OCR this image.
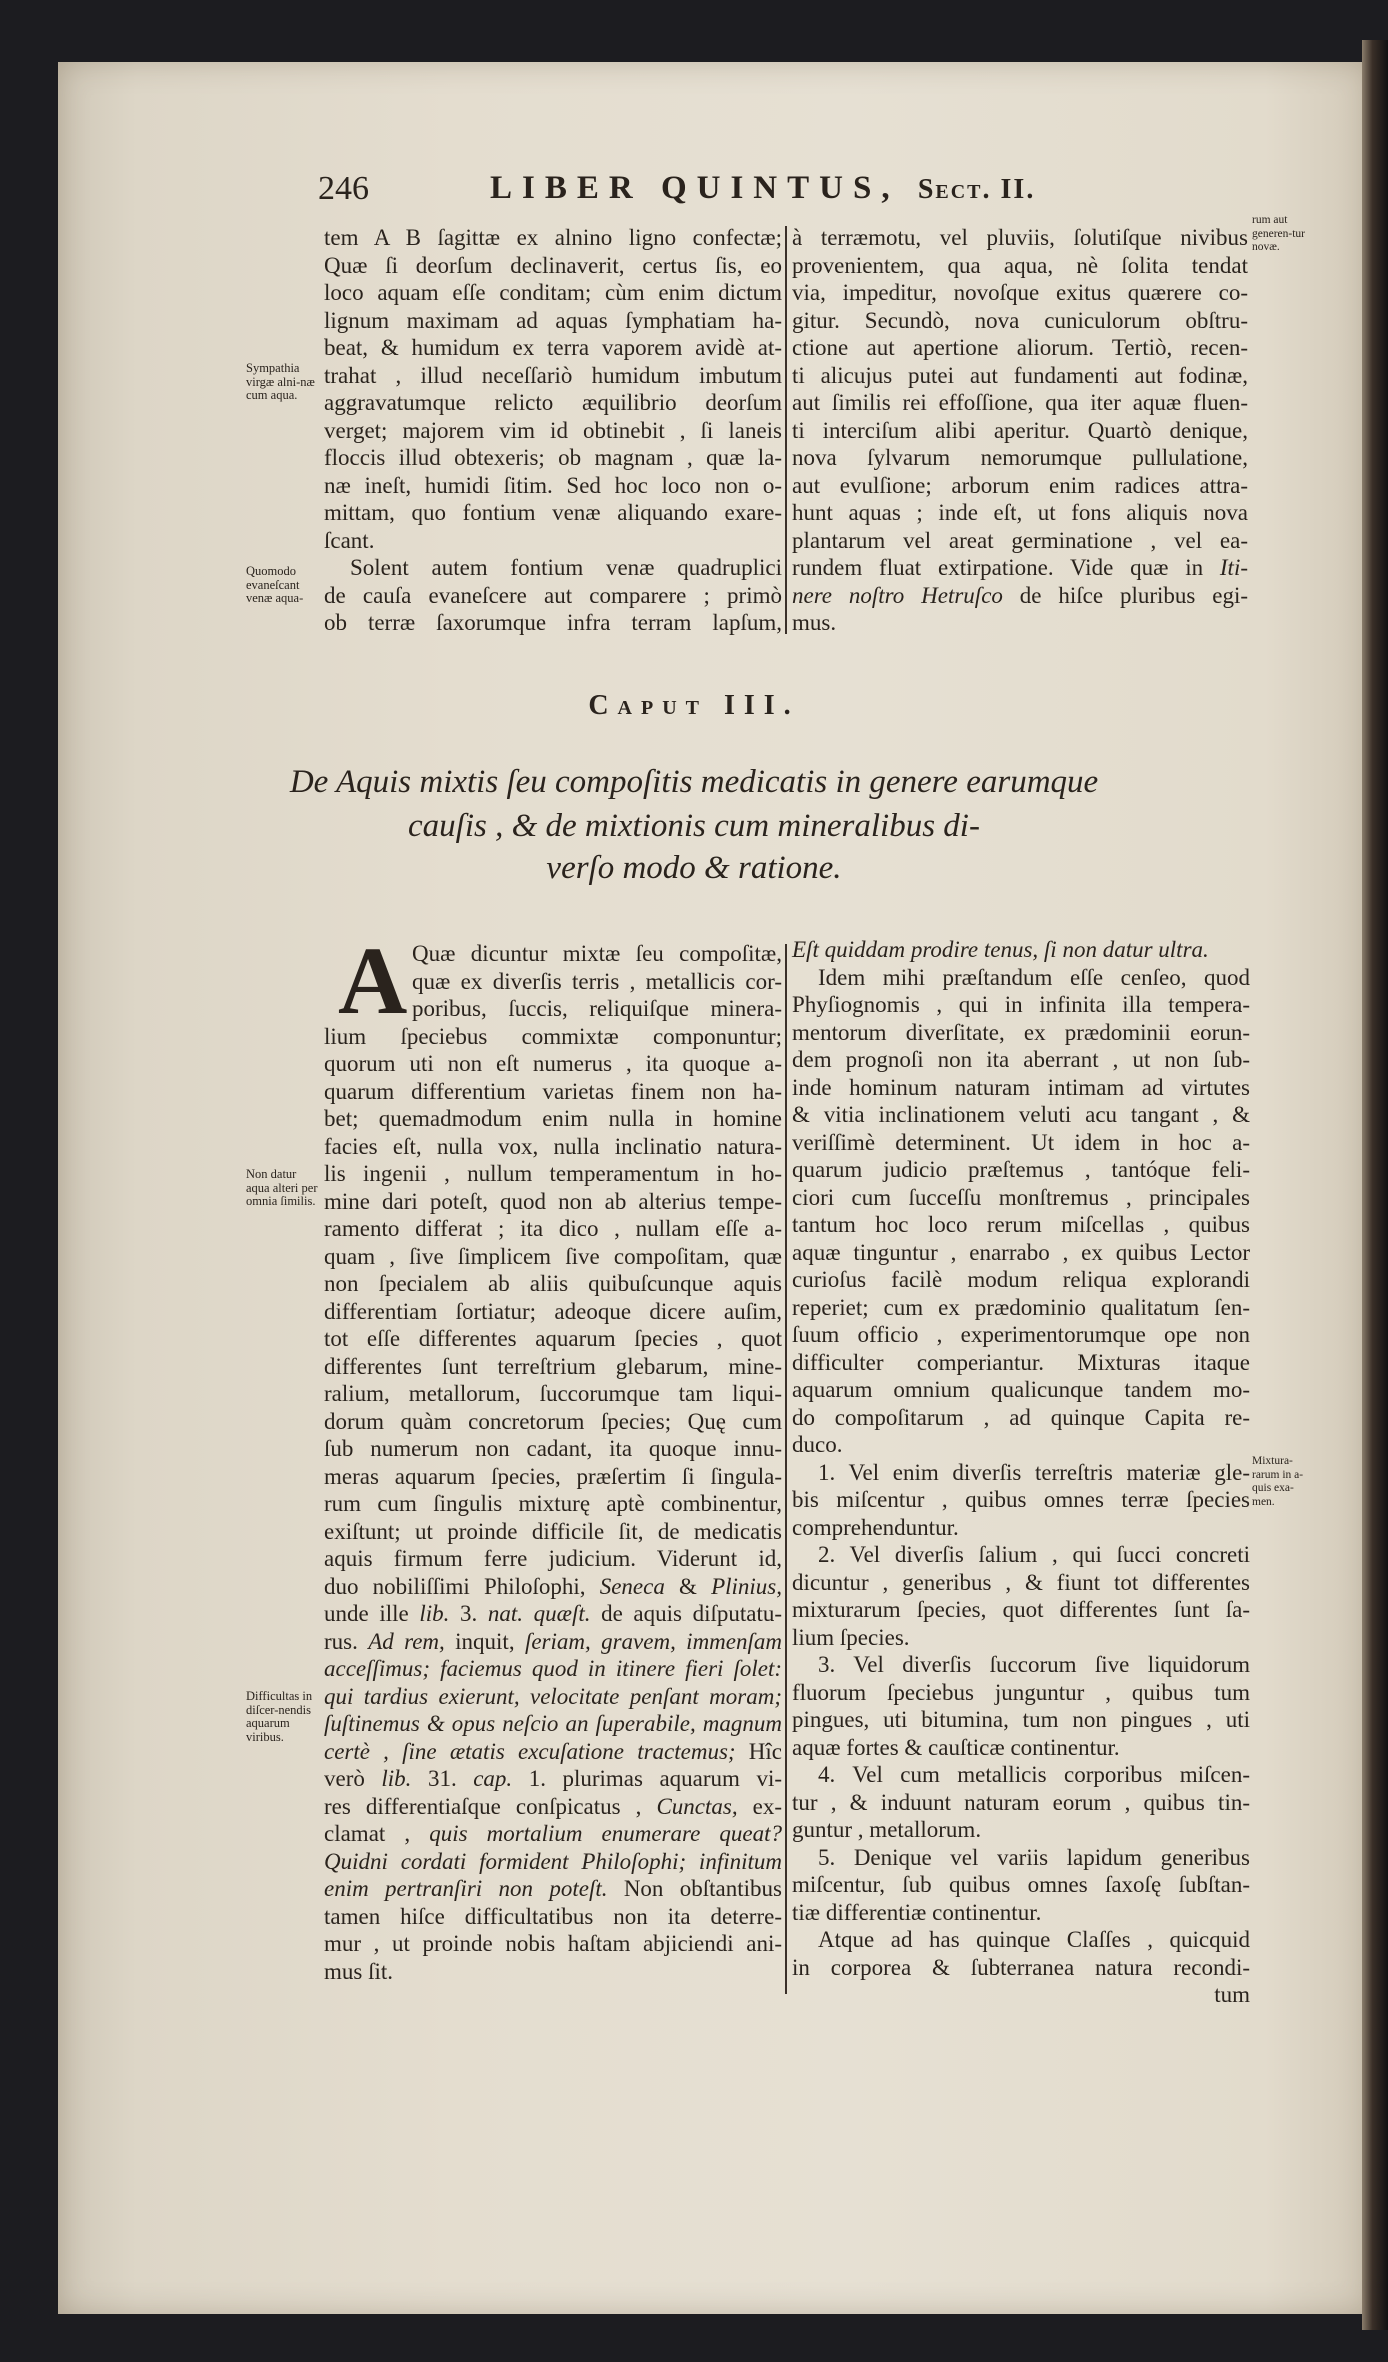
246	LIBER QUINTUS, Sect. II.
tem A B ſagittæ ex alnino ligno confectæ;
Quæ ſi deorſum declinaverit, certus ſis, eo
loco aquam eſſe conditam; cùm enim dictum
lignum maximam ad aquas ſymphatiam ha-
beat, & humidum ex terra vaporem avidè at-
trahat , illud neceſſariò humidum imbutum
aggravatumque relicto æquilibrio deorſum
verget; majorem vim id obtinebit , ſi laneis
floccis illud obtexeris; ob magnam , quæ la-
næ ineſt, humidi ſitim. Sed hoc loco non o-
mittam, quo fontium venæ aliquando exare-
ſcant.
Solent autem fontium venæ quadruplici
de cauſa evaneſcere aut comparere ; primò
ob terræ ſaxorumque infra terram lapſum,
à terræmotu, vel pluviis, ſolutiſque nivibus
provenientem, qua aqua, nè ſolita tendat
via, impeditur, novoſque exitus quærere co-
gitur. Secundò, nova cuniculorum obſtru-
ctione aut apertione aliorum. Tertiò, recen-
ti alicujus putei aut fundamenti aut fodinæ,
aut ſimilis rei effoſſione, qua iter aquæ fluen-
ti interciſum alibi aperitur. Quartò denique,
nova ſylvarum nemorumque pullulatione,
aut evulſione; arborum enim radices attra-
hunt aquas ; inde eſt, ut fons aliquis nova
plantarum vel areat germinatione , vel ea-
rundem fluat extirpatione. Vide quæ in Iti-
nere noſtro Hetruſco de hiſce pluribus egi-
mus.
Sympathia virgæ alni-næ cum aqua.
Quomodo evaneſcant venæ aqua-
rum aut generen-tur novæ.
Caput III.
De Aquis mixtis ſeu compoſitis medicatis in genere earumque
cauſis , & de mixtionis cum mineralibus di-
verſo modo & ratione.
A Quæ dicuntur mixtæ ſeu compoſitæ,
quæ ex diverſis terris , metallicis cor-
poribus, ſuccis, reliquiſque minera-
lium ſpeciebus commixtæ componuntur;
quorum uti non eſt numerus , ita quoque a-
quarum differentium varietas finem non ha-
bet; quemadmodum enim nulla in homine
facies eſt, nulla vox, nulla inclinatio natura-
lis ingenii , nullum temperamentum in ho-
mine dari poteſt, quod non ab alterius tempe-
ramento differat ; ita dico , nullam eſſe a-
quam , ſive ſimplicem ſive compoſitam, quæ
non ſpecialem ab aliis quibuſcunque aquis
differentiam ſortiatur; adeoque dicere auſim,
tot eſſe differentes aquarum ſpecies , quot
differentes ſunt terreſtrium glebarum, mine-
ralium, metallorum, ſuccorumque tam liqui-
dorum quàm concretorum ſpecies; Quę cum
ſub numerum non cadant, ita quoque innu-
meras aquarum ſpecies, præſertim ſi ſingula-
rum cum ſingulis mixturę aptè combinentur,
exiſtunt; ut proinde difficile ſit, de medicatis
aquis firmum ferre judicium. Viderunt id,
duo nobiliſſimi Philoſophi, Seneca & Plinius,
unde ille lib. 3. nat. quæſt. de aquis diſputatu-
rus. Ad rem, inquit, ſeriam, gravem, immenſam
acceſſimus; faciemus quod in itinere fieri ſolet:
qui tardius exierunt, velocitate penſant moram;
ſuſtinemus & opus neſcio an ſuperabile, magnum
certè , ſine ætatis excuſatione tractemus; Hîc
verò lib. 31. cap. 1. plurimas aquarum vi-
res differentiaſque conſpicatus , Cunctas, ex-
clamat , quis mortalium enumerare queat?
Quidni cordati formident Philoſophi; infinitum
enim pertranſiri non poteſt. Non obſtantibus
tamen hiſce difficultatibus non ita deterre-
mur , ut proinde nobis haſtam abjiciendi ani-
mus ſit.
Eſt quiddam prodire tenus, ſi non datur ultra.
Idem mihi præſtandum eſſe cenſeo, quod
Phyſiognomis , qui in infinita illa tempera-
mentorum diverſitate, ex prædominii eorun-
dem prognoſi non ita aberrant , ut non ſub-
inde hominum naturam intimam ad virtutes
& vitia inclinationem veluti acu tangant , &
veriſſimè determinent. Ut idem in hoc a-
quarum judicio præſtemus , tantóque feli-
ciori cum ſucceſſu monſtremus , principales
tantum hoc loco rerum miſcellas , quibus
aquæ tinguntur , enarrabo , ex quibus Lector
curioſus facilè modum reliqua explorandi
reperiet; cum ex prædominio qualitatum ſen-
ſuum officio , experimentorumque ope non
difficulter comperiantur. Mixturas itaque
aquarum omnium qualicunque tandem mo-
do compoſitarum , ad quinque Capita re-
duco.
1. Vel enim diverſis terreſtris materiæ gle-
bis miſcentur , quibus omnes terræ ſpecies
comprehenduntur.
2. Vel diverſis ſalium , qui ſucci concreti
dicuntur , generibus , & fiunt tot differentes
mixturarum ſpecies, quot differentes ſunt ſa-
lium ſpecies.
3. Vel diverſis ſuccorum ſive liquidorum
fluorum ſpeciebus junguntur , quibus tum
pingues, uti bitumina, tum non pingues , uti
aquæ fortes & cauſticæ continentur.
4. Vel cum metallicis corporibus miſcen-
tur , & induunt naturam eorum , quibus tin-
guntur , metallorum.
5. Denique vel variis lapidum generibus
miſcentur, ſub quibus omnes ſaxoſę ſubſtan-
tiæ differentiæ continentur.
Atque ad has quinque Claſſes , quicquid
in corporea & ſubterranea natura recondi-
tum
Non datur aqua alteri per omnia ſimilis.
Difficultas in diſcer-nendis aquarum viribus.
Mixtura-rarum in a-quis exa-men.
